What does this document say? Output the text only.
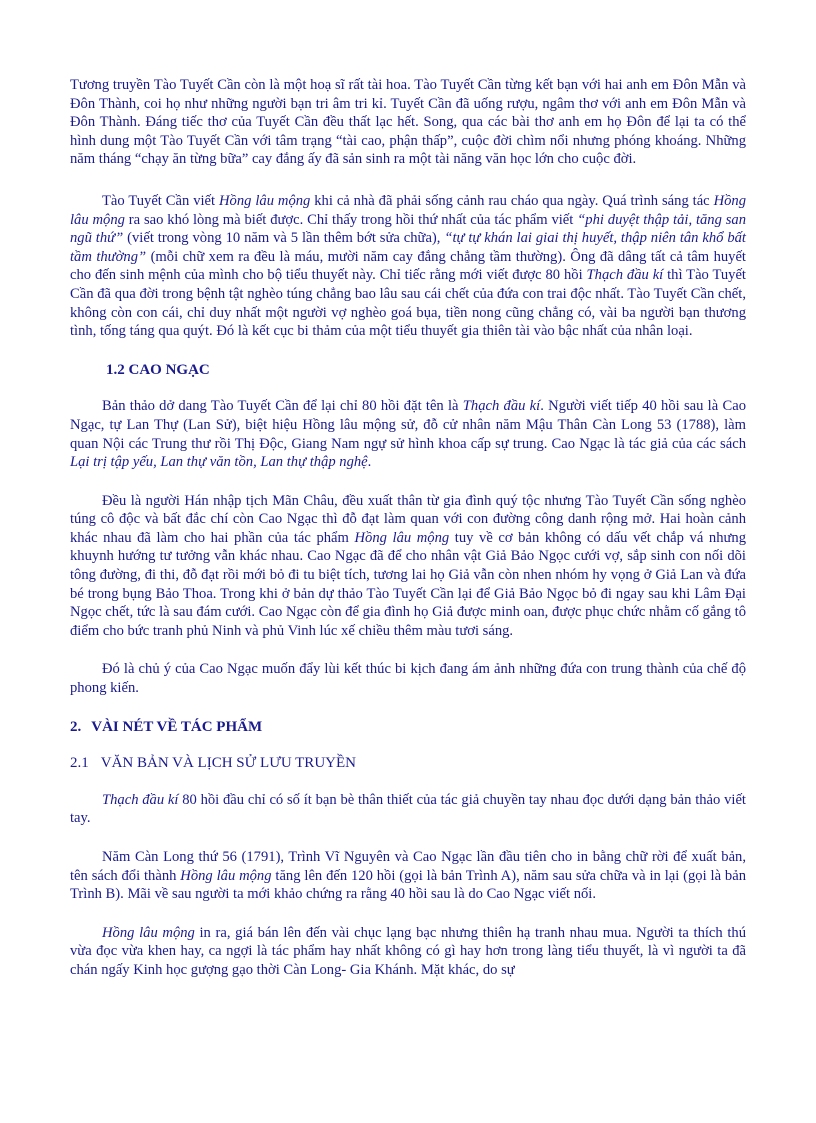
Tương truyền Tào Tuyết Cần còn là một hoạ sĩ rất tài hoa. Tào Tuyết Cần từng kết bạn với hai anh em Đôn Mẫn và Đôn Thành, coi họ như những người bạn tri âm tri kỉ. Tuyết Cần đã uống rượu, ngâm thơ với anh em Đôn Mẫn và Đôn Thành. Đáng tiếc thơ của Tuyết Cần đều thất lạc hết. Song, qua các bài thơ anh em họ Đôn để lại ta có thể hình dung một Tào Tuyết Cần với tâm trạng “tài cao, phận thấp”, cuộc đời chìm nổi nhưng phóng khoáng. Những năm tháng “chạy ăn từng bữa” cay đắng ấy đã sản sinh ra một tài năng văn học lớn cho cuộc đời.

Tào Tuyết Cần viết Hồng lâu mộng khi cả nhà đã phải sống cảnh rau cháo qua ngày. Quá trình sáng tác Hồng lâu mộng ra sao khó lòng mà biết được. Chỉ thấy trong hồi thứ nhất của tác phẩm viết “phi duyệt thập tải, tăng san ngũ thứ” (viết trong vòng 10 năm và 5 lần thêm bớt sửa chữa), “tự tự khán lai giai thị huyết, thập niên tân khổ bất tầm thường” (mỗi chữ xem ra đều là máu, mười năm cay đắng chẳng tầm thường). Ông đã dâng tất cả tâm huyết cho đến sinh mệnh của mình cho bộ tiểu thuyết này. Chỉ tiếc rằng mới viết được 80 hồi Thạch đầu kí thì Tào Tuyết Cần đã qua đời trong bệnh tật nghèo túng chẳng bao lâu sau cái chết của đứa con trai độc nhất. Tào Tuyết Cần chết, không còn con cái, chỉ duy nhất một người vợ nghèo goá bụa, tiền nong cũng chẳng có, vài ba người bạn thương tình, tống táng qua quýt. Đó là kết cục bi thảm của một tiểu thuyết gia thiên tài vào bậc nhất của nhân loại.

1.2 CAO NGẠC

Bản thảo dở dang Tào Tuyết Cần để lại chỉ 80 hồi đặt tên là Thạch đầu kí. Người viết tiếp 40 hồi sau là Cao Ngạc, tự Lan Thự (Lan Sử), biệt hiệu Hồng lâu mộng sử, đỗ cử nhân năm Mậu Thân Càn Long 53 (1788), làm quan Nội các Trung thư rồi Thị Độc, Giang Nam ngự sử hình khoa cấp sự trung. Cao Ngạc là tác giả của các sách Lại trị tập yếu, Lan thự văn tồn, Lan thự thập nghệ.

Đều là người Hán nhập tịch Mãn Châu, đều xuất thân từ gia đình quý tộc nhưng Tào Tuyết Cần sống nghèo túng cô độc và bất đắc chí còn Cao Ngạc thì đỗ đạt làm quan với con đường công danh rộng mở. Hai hoàn cảnh khác nhau đã làm cho hai phần của tác phẩm Hồng lâu mộng tuy về cơ bản không có dấu vết chắp vá nhưng khuynh hướng tư tưởng vẫn khác nhau. Cao Ngạc đã để cho nhân vật Giả Bảo Ngọc cưới vợ, sắp sinh con nối dõi tông đường, đi thi, đỗ đạt rồi mới bỏ đi tu biệt tích, tương lai họ Giả vẫn còn nhen nhóm hy vọng ở Giả Lan và đứa bé trong bụng Bảo Thoa. Trong khi ở bản dự thảo Tào Tuyết Cần lại để Giả Bảo Ngọc bỏ đi ngay sau khi Lâm Đại Ngọc chết, tức là sau đám cưới. Cao Ngạc còn để gia đình họ Giả được minh oan, được phục chức nhằm cố gắng tô điểm cho bức tranh phủ Ninh và phủ Vinh lúc xế chiều thêm màu tươi sáng.

Đó là chủ ý của Cao Ngạc muốn đẩy lùi kết thúc bi kịch đang ám ảnh những đứa con trung thành của chế độ phong kiến.

2. VÀI NÉT VỀ TÁC PHẨM
2.1 VĂN BẢN VÀ LỊCH SỬ LƯU TRUYỀN

Thạch đầu kí 80 hồi đầu chỉ có số ít bạn bè thân thiết của tác giả chuyền tay nhau đọc dưới dạng bản thảo viết tay.

Năm Càn Long thứ 56 (1791), Trình Vĩ Nguyên và Cao Ngạc lần đầu tiên cho in bằng chữ rời để xuất bản, tên sách đổi thành Hồng lâu mộng tăng lên đến 120 hồi (gọi là bản Trình A), năm sau sửa chữa và in lại (gọi là bản Trình B). Mãi về sau người ta mới khảo chứng ra rằng 40 hồi sau là do Cao Ngạc viết nối.

Hồng lâu mộng in ra, giá bán lên đến vài chục lạng bạc nhưng thiên hạ tranh nhau mua. Người ta thích thú vừa đọc vừa khen hay, ca ngợi là tác phẩm hay nhất không có gì hay hơn trong làng tiểu thuyết, là vì người ta đã chán ngấy Kinh học gượng gạo thời Càn Long- Gia Khánh. Mặt khác, do sự
